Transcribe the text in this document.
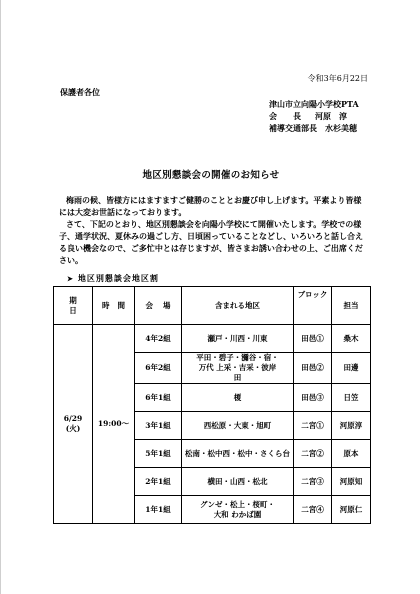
令和3年6月22日
保護者各位
津山市立向陽小学校PTA
会　　長 河原　淳
補導交通部長　 水杉美穂
地区別懇談会の開催のお知らせ

梅雨の候、皆様方にはますますご健勝のこととお慶び申し上げます。平素より皆様には大変お世話になっております。

さて、下記のとおり、地区別懇談会を向陽小学校にて開催いたします。学校での様子、通学状況、夏休みの過ごし方、日頃困っていることなどし、いろいろと話し合える良い機会なので、ご多忙中とは存じますが、皆さまお誘い合わせの上、ご出席ください。

➤ 地区別懇談会地区割
期日	時間	会場	含まれる地区	ブロック	担当

6/29
(火)	19:00～	4年2組	瀬戸・川西・川東	田邑①	桑木
		6年2組	平田・碧子・瀰谷・宿・万代 上采・吉采・彼岸田	田邑②	田邊
		6年1組	榎	田邑③	日笠
		3年1組	西松原・大東・旭町	二宮①	河原淳
		5年1組	松南・松中西・松中・さくら台	二宮②	原本
		2年1組	横田・山西・松北	二宮③	河原知
		1年1組	グンゼ・松上・桜町・大和 わかば園	二宮④	河原仁
